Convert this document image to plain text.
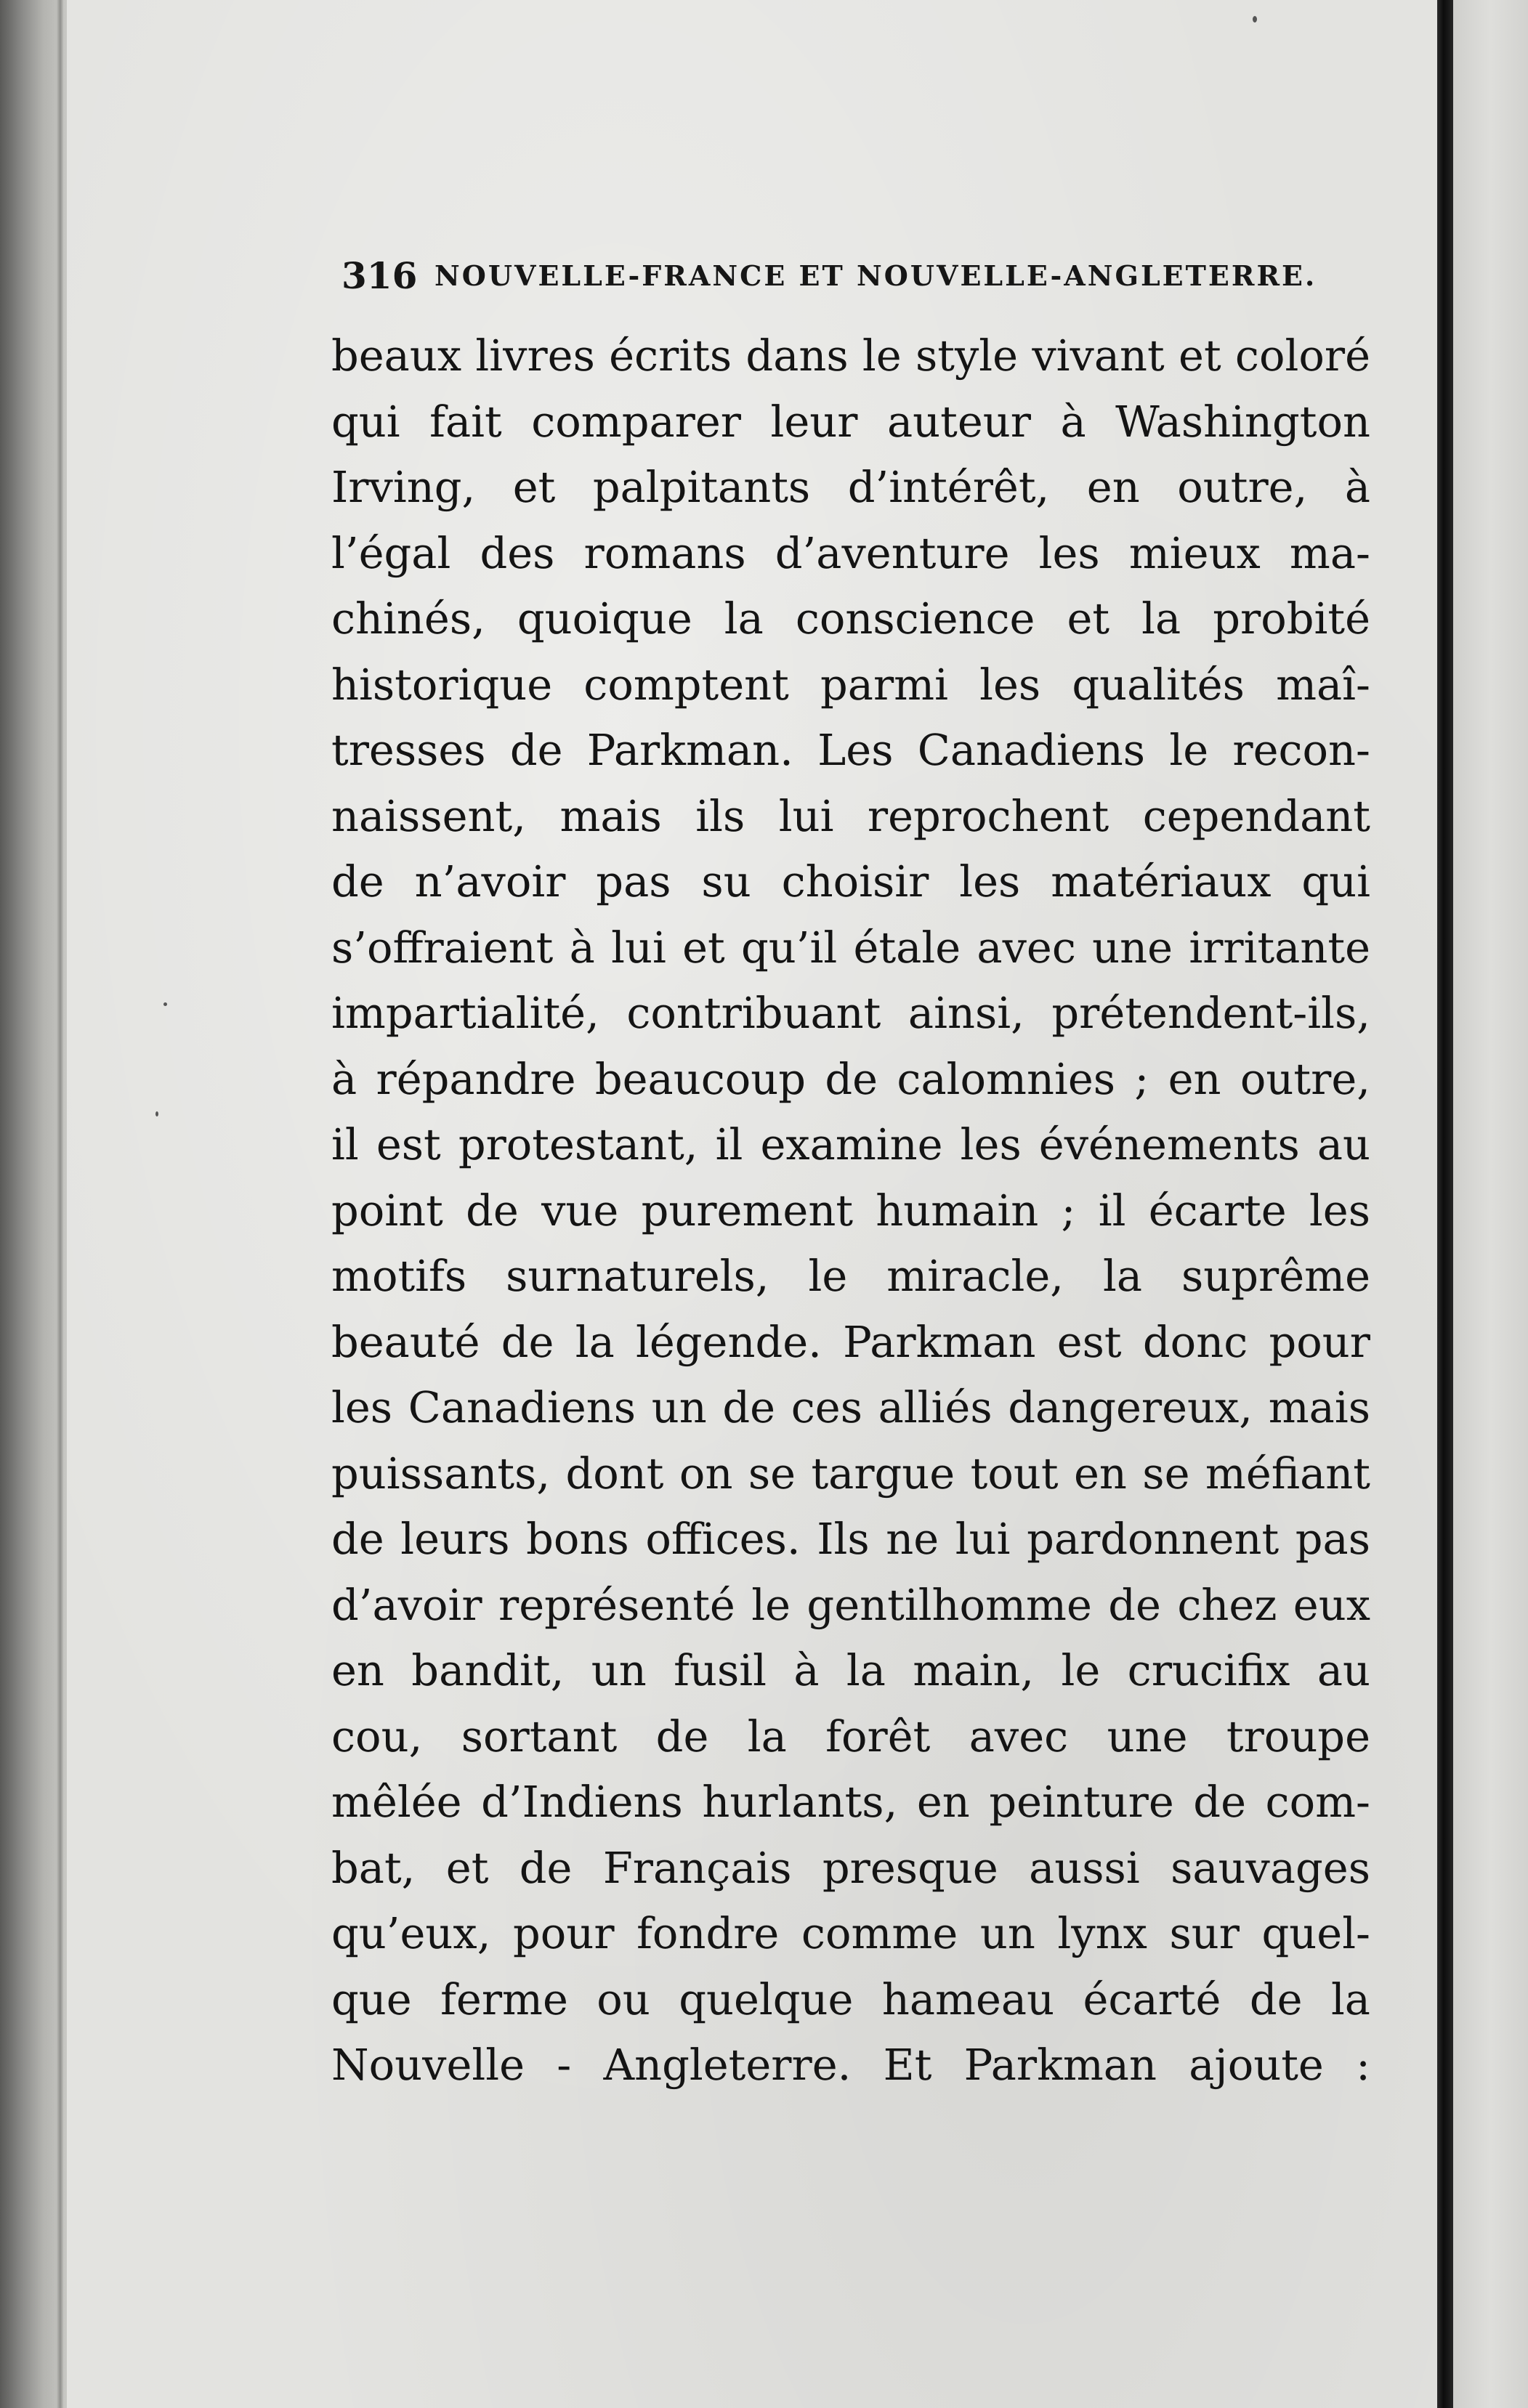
316 NOUVELLE-FRANCE ET NOUVELLE-ANGLETERRE.
beaux livres écrits dans le style vivant et coloré
qui fait comparer leur auteur à Washington
Irving, et palpitants d’intérêt, en outre, à
l’égal des romans d’aventure les mieux ma-
chinés, quoique la conscience et la probité
historique comptent parmi les qualités maî-
tresses de Parkman. Les Canadiens le recon-
naissent, mais ils lui reprochent cependant
de n’avoir pas su choisir les matériaux qui
s’offraient à lui et qu’il étale avec une irritante
impartialité, contribuant ainsi, prétendent-ils,
à répandre beaucoup de calomnies ; en outre,
il est protestant, il examine les événements au
point de vue purement humain ; il écarte les
motifs surnaturels, le miracle, la suprême
beauté de la légende. Parkman est donc pour
les Canadiens un de ces alliés dangereux, mais
puissants, dont on se targue tout en se méfiant
de leurs bons offices. Ils ne lui pardonnent pas
d’avoir représenté le gentilhomme de chez eux
en bandit, un fusil à la main, le crucifix au
cou, sortant de la forêt avec une troupe
mêlée d’Indiens hurlants, en peinture de com-
bat, et de Français presque aussi sauvages
qu’eux, pour fondre comme un lynx sur quel-
que ferme ou quelque hameau écarté de la
Nouvelle - Angleterre. Et Parkman ajoute :
